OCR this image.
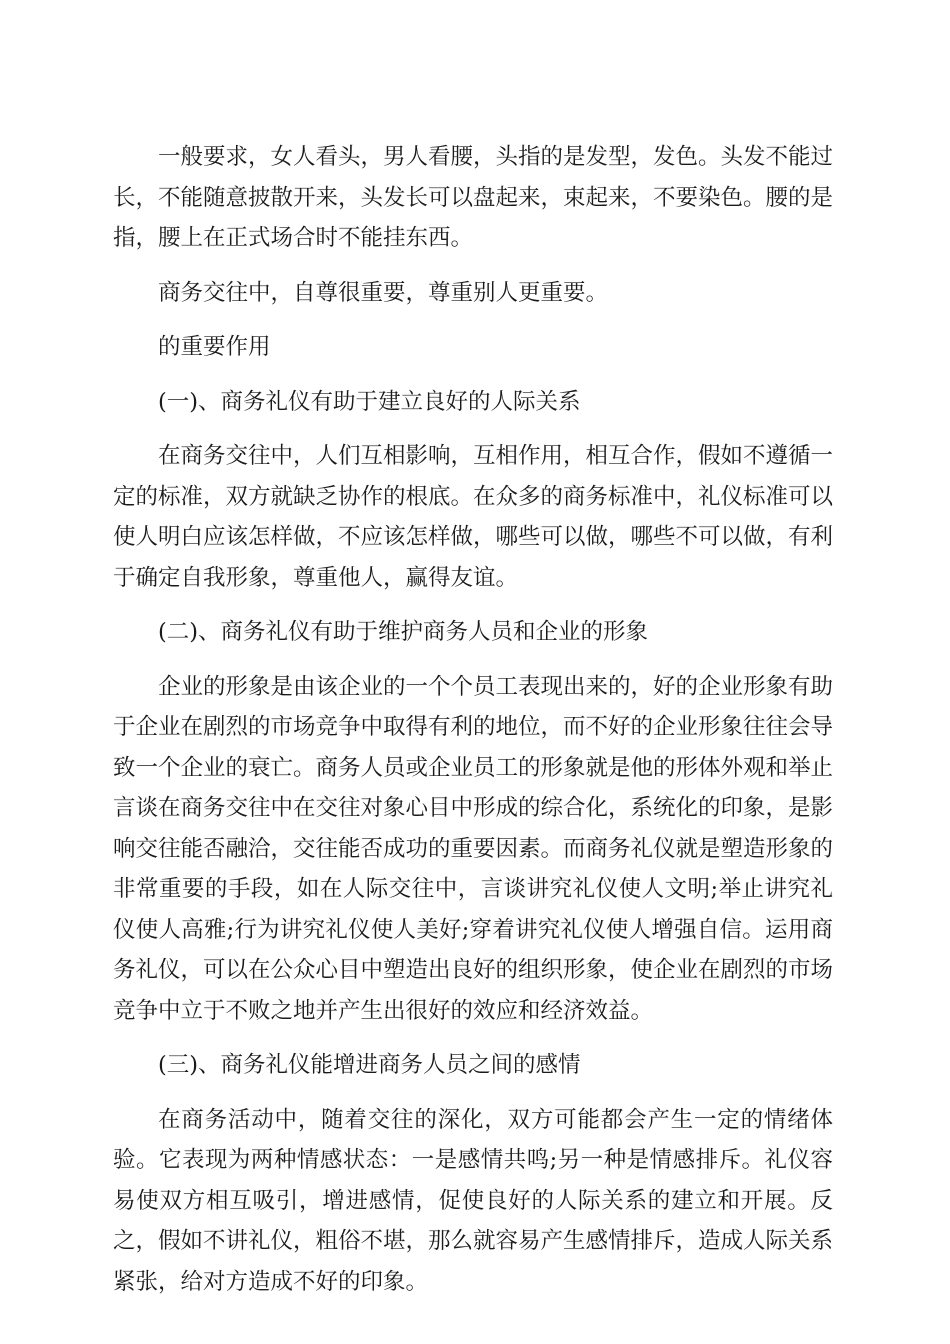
一般要求，女人看头，男人看腰，头指的是发型，发色。头发不能过长，不能随意披散开来，头发长可以盘起来，束起来，不要染色。腰的是指，腰上在正式场合时不能挂东西。

商务交往中，自尊很重要，尊重别人更重要。

的重要作用

(一)、商务礼仪有助于建立良好的人际关系

在商务交往中，人们互相影响，互相作用，相互合作，假如不遵循一定的标准，双方就缺乏协作的根底。在众多的商务标准中，礼仪标准可以使人明白应该怎样做，不应该怎样做，哪些可以做，哪些不可以做，有利于确定自我形象，尊重他人，赢得友谊。

(二)、商务礼仪有助于维护商务人员和企业的形象

企业的形象是由该企业的一个个员工表现出来的，好的企业形象有助于企业在剧烈的市场竞争中取得有利的地位，而不好的企业形象往往会导致一个企业的衰亡。商务人员或企业员工的形象就是他的形体外观和举止言谈在商务交往中在交往对象心目中形成的综合化，系统化的印象，是影响交往能否融洽，交往能否成功的重要因素。而商务礼仪就是塑造形象的非常重要的手段，如在人际交往中，言谈讲究礼仪使人文明;举止讲究礼仪使人高雅;行为讲究礼仪使人美好;穿着讲究礼仪使人增强自信。运用商务礼仪，可以在公众心目中塑造出良好的组织形象，使企业在剧烈的市场竞争中立于不败之地并产生出很好的效应和经济效益。

(三)、商务礼仪能增进商务人员之间的感情

在商务活动中，随着交往的深化，双方可能都会产生一定的情绪体验。它表现为两种情感状态：一是感情共鸣;另一种是情感排斥。礼仪容易使双方相互吸引，增进感情，促使良好的人际关系的建立和开展。反之，假如不讲礼仪，粗俗不堪，那么就容易产生感情排斥，造成人际关系紧张，给对方造成不好的印象。
